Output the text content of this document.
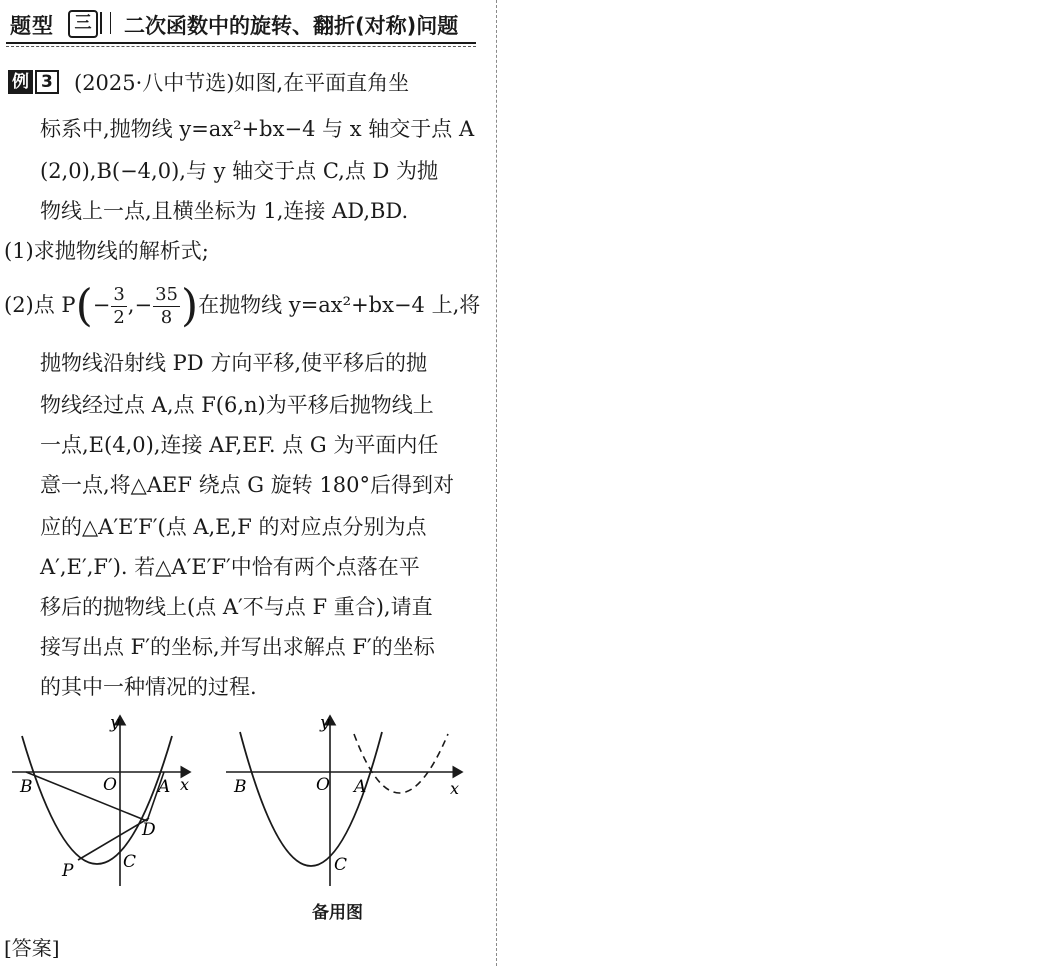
题型	三	二次函数中的旋转、翻折(对称)问题
例 3 (2025·八中节选)如图,在平面直角坐
标系中,抛物线 y=ax²+bx−4 与 x 轴交于点 A
(2,0),B(−4,0),与 y 轴交于点 C,点 D 为抛
物线上一点,且横坐标为 1,连接 AD,BD.
(1)求抛物线的解析式;
(2)点 $P(- \frac{3}{2}$ ,− $\frac{35}{8}$ )在抛物线 y=ax²+bx−4 上,将
抛物线沿射线 PD 方向平移,使平移后的抛
物线经过点 A,点 F(6,n)为平移后抛物线上
一点,E(4,0),连接 AF,EF. 点 G 为平面内任
意一点,将△AEF 绕点 G 旋转 180°后得到对
应的△A′E′F′(点 A,E,F 的对应点分别为点
A′,E′,F′). 若△A′E′F′中恰有两个点落在平
移后的抛物线上(点 A′不与点 F 重合),请直
接写出点 F′的坐标,并写出求解点 F′的坐标
的其中一种情况的过程.
y
x
B	O A
D
C
P
y
x
B	O A
C
备用图
[答案]
